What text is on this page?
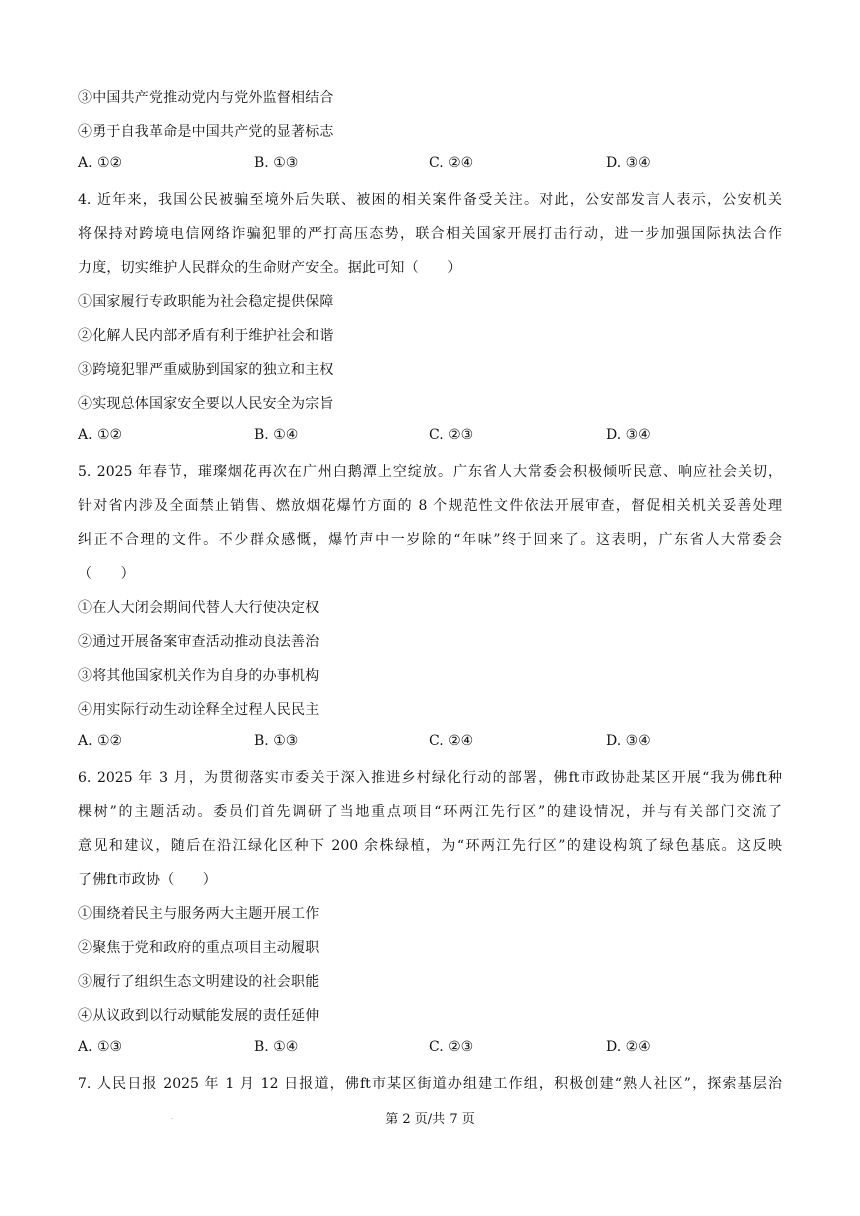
③中国共产党推动党内与党外监督相结合
④勇于自我革命是中国共产党的显著标志
A. ①②	B. ①③	C. ②④	D. ③④
4. 近年来，我国公民被骗至境外后失联、被困的相关案件备受关注。对此，公安部发言人表示，公安机关
将保持对跨境电信网络诈骗犯罪的严打高压态势，联合相关国家开展打击行动，进一步加强国际执法合作
力度，切实维护人民群众的生命财产安全。据此可知（　　）
①国家履行专政职能为社会稳定提供保障
②化解人民内部矛盾有利于维护社会和谐
③跨境犯罪严重威胁到国家的独立和主权
④实现总体国家安全要以人民安全为宗旨
A. ①②	B. ①④	C. ②③	D. ③④
5. 2025 年春节，璀璨烟花再次在广州白鹅潭上空绽放。广东省人大常委会积极倾听民意、响应社会关切，
针对省内涉及全面禁止销售、燃放烟花爆竹方面的 8 个规范性文件依法开展审查，督促相关机关妥善处理
纠正不合理的文件。不少群众感慨，爆竹声中一岁除的“年味”终于回来了。这表明，广东省人大常委会
（　　）
①在人大闭会期间代替人大行使决定权
②通过开展备案审查活动推动良法善治
③将其他国家机关作为自身的办事机构
④用实际行动生动诠释全过程人民民主
A. ①②	B. ①③	C. ②④	D. ③④
6. 2025 年 3 月，为贯彻落实市委关于深入推进乡村绿化行动的部署，佛ft市政协赴某区开展“我为佛ft种
棵树”的主题活动。委员们首先调研了当地重点项目“环两江先行区”的建设情况，并与有关部门交流了
意见和建议，随后在沿江绿化区种下 200 余株绿植，为“环两江先行区”的建设构筑了绿色基底。这反映
了佛ft市政协（　　）
①围绕着民主与服务两大主题开展工作
②聚焦于党和政府的重点项目主动履职
③履行了组织生态文明建设的社会职能
④从议政到以行动赋能发展的责任延伸
A. ①③	B. ①④	C. ②③	D. ②④
7. 人民日报 2025 年 1 月 12 日报道，佛ft市某区街道办组建工作组，积极创建“熟人社区”，探索基层治
.	第 2 页/共 7 页
